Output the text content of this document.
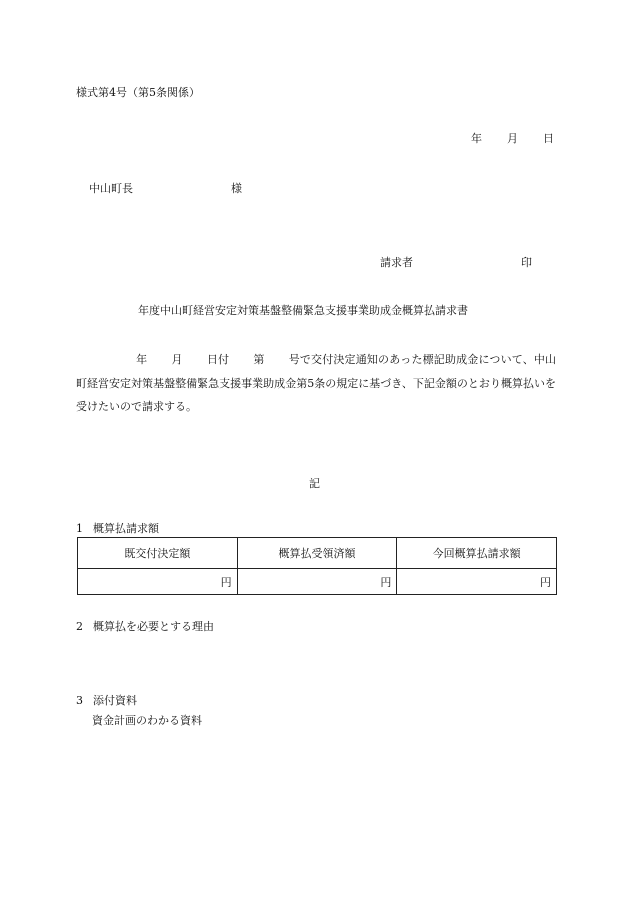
様式第4号（第5条関係）
年 月 日
中山町長	様
請求者	印
年度中山町経営安定対策基盤整備緊急支援事業助成金概算払請求書
年 月 日付 第 号で交付決定通知のあった標記助成金について、中山町経営安定対策基盤整備緊急支援事業助成金第5条の規定に基づき、下記金額のとおり概算払いを受けたいので請求する。
記
1 概算払請求額
既交付決定額	概算払受領済額	今回概算払請求額
円	円	円
2 概算払を必要とする理由
3 添付資料
資金計画のわかる資料
